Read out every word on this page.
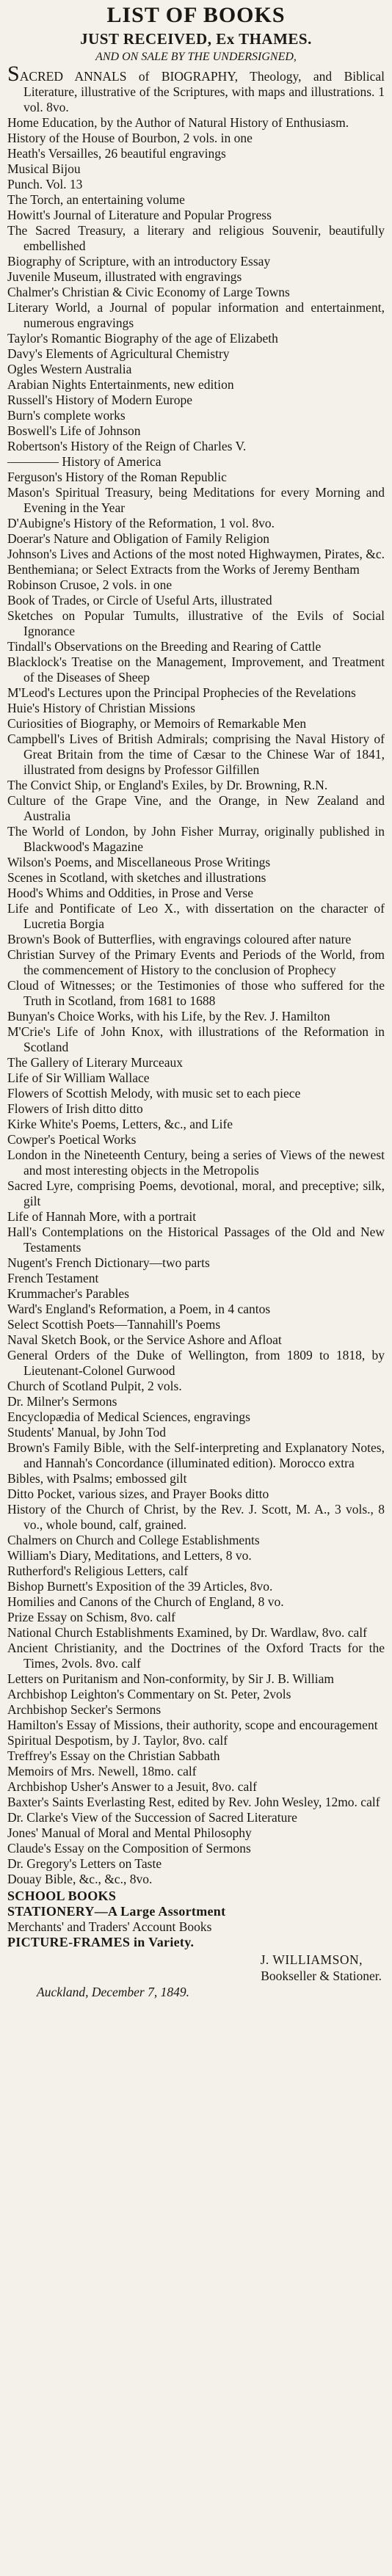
LIST OF BOOKS
JUST RECEIVED, Ex THAMES.
AND ON SALE BY THE UNDERSIGNED,
SACRED ANNALS of BIOGRAPHY, Theology, and Biblical Literature, illustrative of the Scriptures, with maps and illustrations. 1 vol. 8vo.
Home Education, by the Author of Natural History of Enthusiasm.
History of the House of Bourbon, 2 vols. in one
Heath's Versailles, 26 beautiful engravings
Musical Bijou
Punch. Vol. 13
The Torch, an entertaining volume
Howitt's Journal of Literature and Popular Progress
The Sacred Treasury, a literary and religious Souvenir, beautifully embellished
Biography of Scripture, with an introductory Essay
Juvenile Museum, illustrated with engravings
Chalmer's Christian & Civic Economy of Large Towns
Literary World, a Journal of popular information and entertainment, numerous engravings
Taylor's Romantic Biography of the age of Elizabeth
Davy's Elements of Agricultural Chemistry
Ogles Western Australia
Arabian Nights Entertainments, new edition
Russell's History of Modern Europe
Burn's complete works
Boswell's Life of Johnson
Robertson's History of the Reign of Charles V.
———— History of America
Ferguson's History of the Roman Republic
Mason's Spiritual Treasury, being Meditations for every Morning and Evening in the Year
D'Aubigne's History of the Reformation, 1 vol. 8vo.
Doerar's Nature and Obligation of Family Religion
Johnson's Lives and Actions of the most noted Highwaymen, Pirates, &c.
Benthemiana; or Select Extracts from the Works of Jeremy Bentham
Robinson Crusoe, 2 vols. in one
Book of Trades, or Circle of Useful Arts, illustrated
Sketches on Popular Tumults, illustrative of the Evils of Social Ignorance
Tindall's Observations on the Breeding and Rearing of Cattle
Blacklock's Treatise on the Management, Improvement, and Treatment of the Diseases of Sheep
M'Leod's Lectures upon the Principal Prophecies of the Revelations
Huie's History of Christian Missions
Curiosities of Biography, or Memoirs of Remarkable Men
Campbell's Lives of British Admirals; comprising the Naval History of Great Britain from the time of Cæsar to the Chinese War of 1841, illustrated from designs by Professor Gilfillen
The Convict Ship, or England's Exiles, by Dr. Browning, R.N.
Culture of the Grape Vine, and the Orange, in New Zealand and Australia
The World of London, by John Fisher Murray, originally published in Blackwood's Magazine
Wilson's Poems, and Miscellaneous Prose Writings
Scenes in Scotland, with sketches and illustrations
Hood's Whims and Oddities, in Prose and Verse
Life and Pontificate of Leo X., with dissertation on the character of Lucretia Borgia
Brown's Book of Butterflies, with engravings coloured after nature
Christian Survey of the Primary Events and Periods of the World, from the commencement of History to the conclusion of Prophecy
Cloud of Witnesses; or the Testimonies of those who suffered for the Truth in Scotland, from 1681 to 1688
Bunyan's Choice Works, with his Life, by the Rev. J. Hamilton
M'Crie's Life of John Knox, with illustrations of the Reformation in Scotland
The Gallery of Literary Murceaux
Life of Sir William Wallace
Flowers of Scottish Melody, with music set to each piece
Flowers of Irish ditto ditto
Kirke White's Poems, Letters, &c., and Life
Cowper's Poetical Works
London in the Nineteenth Century, being a series of Views of the newest and most interesting objects in the Metropolis
Sacred Lyre, comprising Poems, devotional, moral, and preceptive; silk, gilt
Life of Hannah More, with a portrait
Hall's Contemplations on the Historical Passages of the Old and New Testaments
Nugent's French Dictionary—two parts
French Testament
Krummacher's Parables
Ward's England's Reformation, a Poem, in 4 cantos
Select Scottish Poets—Tannahill's Poems
Naval Sketch Book, or the Service Ashore and Afloat
General Orders of the Duke of Wellington, from 1809 to 1818, by Lieutenant-Colonel Gurwood
Church of Scotland Pulpit, 2 vols.
Dr. Milner's Sermons
Encyclopædia of Medical Sciences, engravings
Students' Manual, by John Tod
Brown's Family Bible, with the Self-interpreting and Explanatory Notes, and Hannah's Concordance (illuminated edition). Morocco extra
Bibles, with Psalms; embossed gilt
Ditto Pocket, various sizes, and Prayer Books ditto
History of the Church of Christ, by the Rev. J. Scott, M. A., 3 vols., 8 vo., whole bound, calf, grained.
Chalmers on Church and College Establishments
William's Diary, Meditations, and Letters, 8 vo.
Rutherford's Religious Letters, calf
Bishop Burnett's Exposition of the 39 Articles, 8vo.
Homilies and Canons of the Church of England, 8 vo.
Prize Essay on Schism, 8vo. calf
National Church Establishments Examined, by Dr. Wardlaw, 8vo. calf
Ancient Christianity, and the Doctrines of the Oxford Tracts for the Times, 2vols. 8vo. calf
Letters on Puritanism and Non-conformity, by Sir J. B. William
Archbishop Leighton's Commentary on St. Peter, 2vols
Archbishop Secker's Sermons
Hamilton's Essay of Missions, their authority, scope and encouragement
Spiritual Despotism, by J. Taylor, 8vo. calf
Treffrey's Essay on the Christian Sabbath
Memoirs of Mrs. Newell, 18mo. calf
Archbishop Usher's Answer to a Jesuit, 8vo. calf
Baxter's Saints Everlasting Rest, edited by Rev. John Wesley, 12mo. calf
Dr. Clarke's View of the Succession of Sacred Literature
Jones' Manual of Moral and Mental Philosophy
Claude's Essay on the Composition of Sermons
Dr. Gregory's Letters on Taste
Douay Bible, &c., &c., 8vo.

SCHOOL BOOKS

STATIONERY—A Large Assortment

Merchants' and Traders' Account Books

PICTURE-FRAMES in Variety.

J. WILLIAMSON,

Bookseller & Stationer.

Auckland, December 7, 1849.
